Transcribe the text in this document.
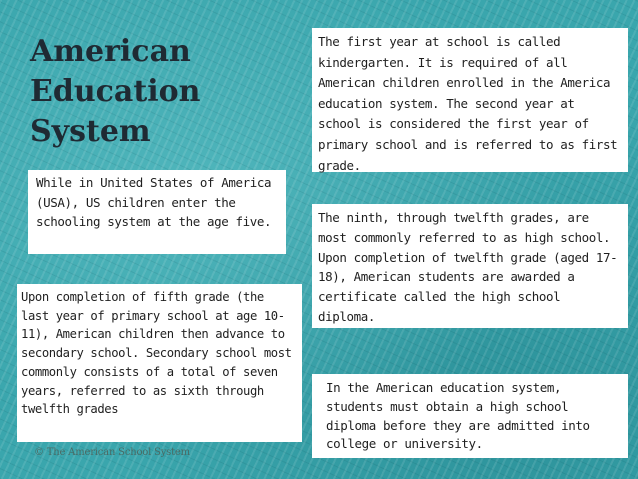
American
Education
System
The first year at school is called kindergarten. It is required of all American children enrolled in the America education system. The second year at school is considered the first year of primary school and is referred to as first grade.
While in United States of America (USA), US children enter the schooling system at the age five.	The ninth, through twelfth grades, are most commonly referred to as high school. Upon completion of twelfth grade (aged 17-18), American students are awarded a certificate called the high school diploma.
Upon completion of fifth grade (the last year of primary school at age 10-11), American children then advance to secondary school. Secondary school most commonly consists of a total of seven years, referred to as sixth through twelfth grades
In the American education system, students must obtain a high school diploma before they are admitted into college or university.
© The American School System
